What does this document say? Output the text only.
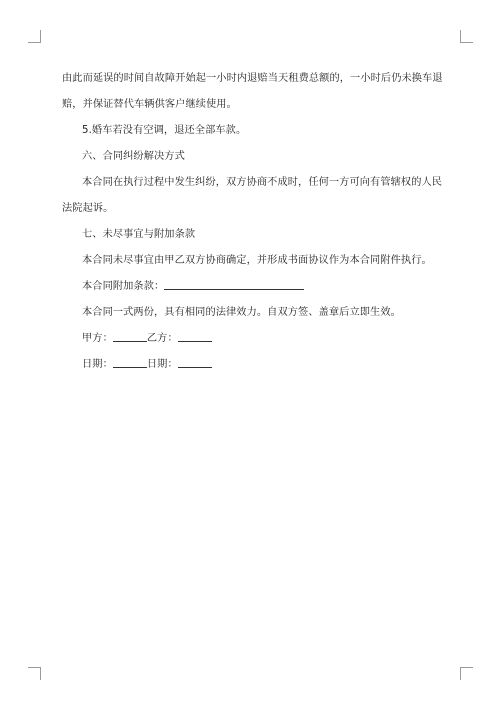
由此而延误的时间自故障开始起一小时内退赔当天租费总额的，一小时后仍未换车退

赔，并保证替代车辆供客户继续使用。

5.婚车若没有空调，退还全部车款。

六、合同纠纷解决方式

本合同在执行过程中发生纠纷，双方协商不成时，任何一方可向有管辖权的人民

法院起诉。

七、未尽事宜与附加条款

本合同未尽事宜由甲乙双方协商确定，并形成书面协议作为本合同附件执行。

本合同附加条款：

本合同一式两份，具有相同的法律效力。自双方签、盖章后立即生效。

甲方：	乙方：

日期：	日期：
